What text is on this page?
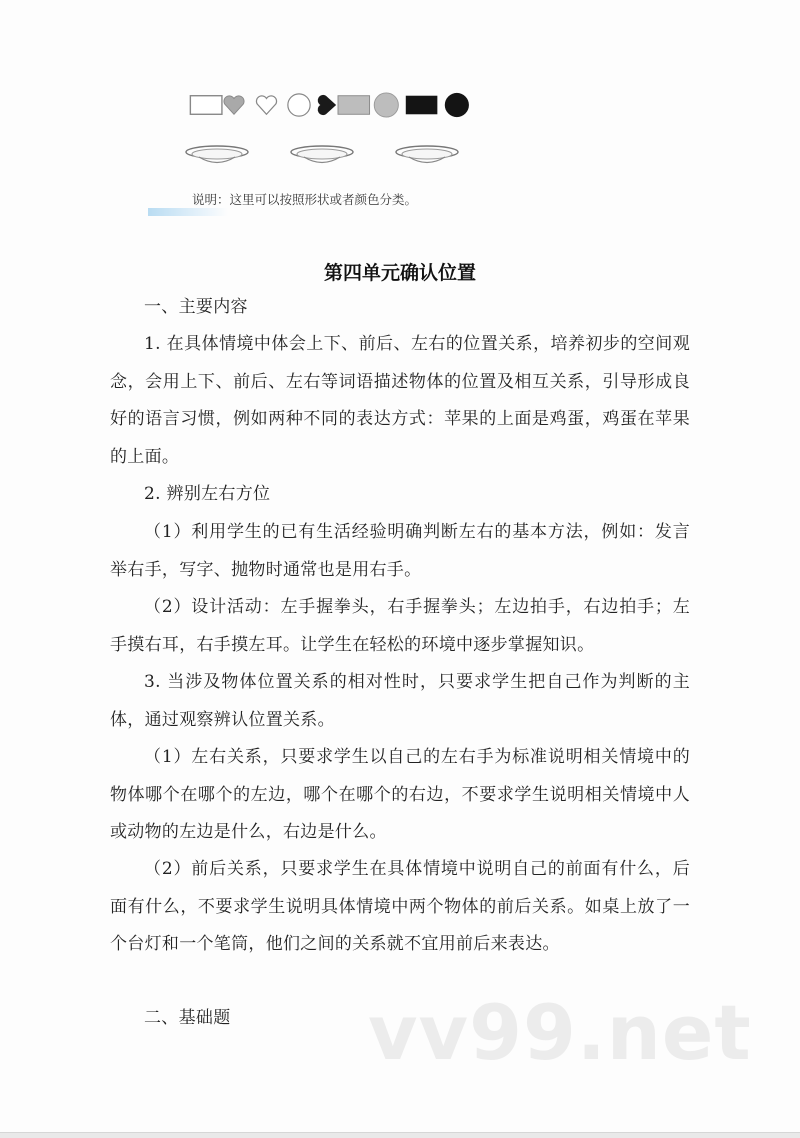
说明：这里可以按照形状或者颜色分类。
第四单元确认位置
一、主要内容
1. 在具体情境中体会上下、前后、左右的位置关系，培养初步的空间观念，会用上下、前后、左右等词语描述物体的位置及相互关系，引导形成良好的语言习惯，例如两种不同的表达方式：苹果的上面是鸡蛋，鸡蛋在苹果的上面。
2. 辨别左右方位
（1）利用学生的已有生活经验明确判断左右的基本方法，例如：发言举右手，写字、抛物时通常也是用右手。
（2）设计活动：左手握拳头，右手握拳头；左边拍手，右边拍手；左手摸右耳，右手摸左耳。让学生在轻松的环境中逐步掌握知识。
3. 当涉及物体位置关系的相对性时，只要求学生把自己作为判断的主体，通过观察辨认位置关系。
（1）左右关系，只要求学生以自己的左右手为标准说明相关情境中的物体哪个在哪个的左边，哪个在哪个的右边，不要求学生说明相关情境中人或动物的左边是什么，右边是什么。
（2）前后关系，只要求学生在具体情境中说明自己的前面有什么，后面有什么，不要求学生说明具体情境中两个物体的前后关系。如桌上放了一个台灯和一个笔筒，他们之间的关系就不宜用前后来表达。
二、基础题	vv99.net
